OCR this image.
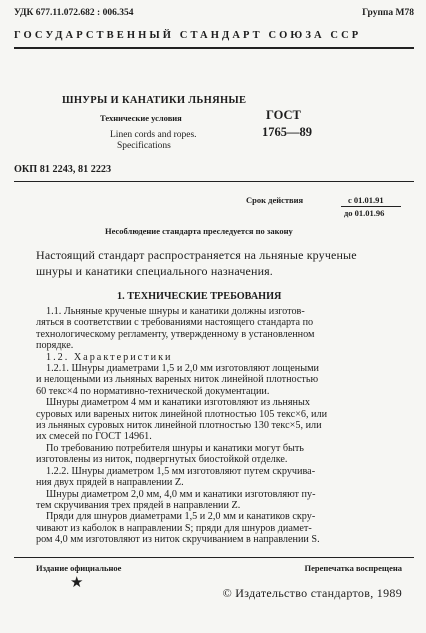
УДК 677.11.072.682 : 006.354	Группа М78
ГОСУДАРСТВЕННЫЙ СТАНДАРТ СОЮЗА ССР
ШНУРЫ И КАНАТИКИ ЛЬНЯНЫЕ
Технические условия
Linen cords and ropes.
Specifications
ГОСТ
1765—89
ОКП 81 2243, 81 2223
Срок действия	с 01.01.91
до 01.01.96
Несоблюдение стандарта преследуется по закону
Настоящий стандарт распространяется на льняные крученые
шнуры и канатики специального назначения.
1. ТЕХНИЧЕСКИЕ ТРЕБОВАНИЯ
1.1. Льняные крученые шнуры и канатики должны изготов-
ляться в соответствии с требованиями настоящего стандарта по
технологическому регламенту, утвержденному в установленном
порядке.
1.2. Характеристики
1.2.1. Шнуры диаметрами 1,5 и 2,0 мм изготовляют лощеными
и нелощеными из льняных вареных ниток линейной плотностью
60 текс×4 по нормативно-технической документации.
Шнуры диаметром 4 мм и канатики изготовляют из льняных
суровых или вареных ниток линейной плотностью 105 текс×6, или
из льняных суровых ниток линейной плотностью 130 текс×5, или
их смесей по ГОСТ 14961.
По требованию потребителя шнуры и канатики могут быть
изготовлены из ниток, подвергнутых биостойкой отделке.
1.2.2. Шнуры диаметром 1,5 мм изготовляют путем скручива-
ния двух прядей в направлении Z.
Шнуры диаметром 2,0 мм, 4,0 мм и канатики изготовляют пу-
тем скручивания трех прядей в направлении Z.
Пряди для шнуров диаметрами 1,5 и 2,0 мм и канатиков скру-
чивают из каболок в направлении S; пряди для шнуров диамет-
ром 4,0 мм изготовляют из ниток скручиванием в направлении S.
Издание официальное	Перепечатка воспрещена
★
© Издательство стандартов, 1989
